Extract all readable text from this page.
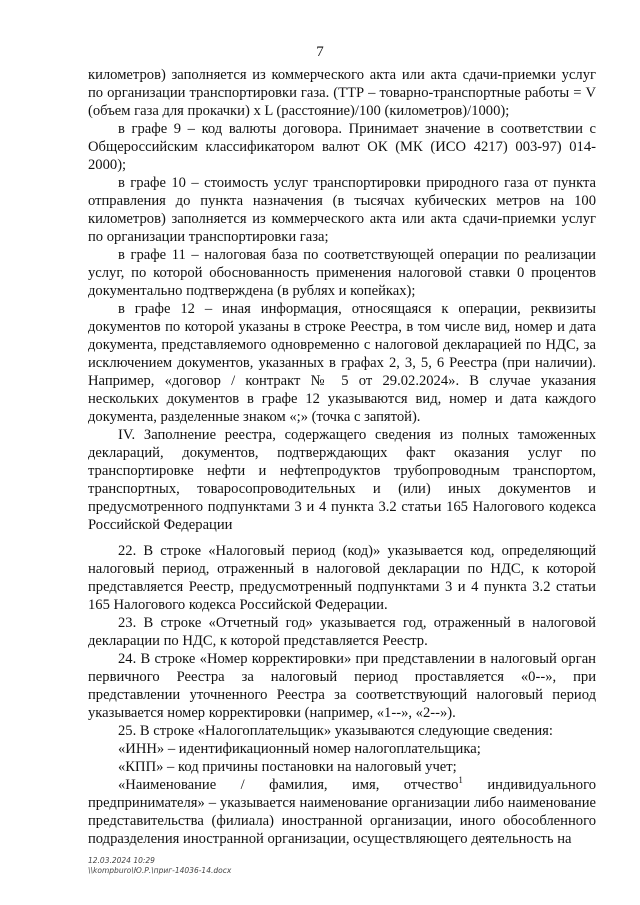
7

километров) заполняется из коммерческого акта или акта сдачи-приемки услуг по организации транспортировки газа. (ТТР – товарно-транспортные работы = V (объем газа для прокачки) х L (расстояние)/100 (километров)/1000);

в графе 9 – код валюты договора. Принимает значение в соответствии с Общероссийским классификатором валют ОК (МК (ИСО 4217) 003-97) 014-2000);

в графе 10 – стоимость услуг транспортировки природного газа от пункта отправления до пункта назначения (в тысячах кубических метров на 100 километров) заполняется из коммерческого акта или акта сдачи-приемки услуг по организации транспортировки газа;

в графе 11 – налоговая база по соответствующей операции по реализации услуг, по которой обоснованность применения налоговой ставки 0 процентов документально подтверждена (в рублях и копейках);

в графе 12 – иная информация, относящаяся к операции, реквизиты документов по которой указаны в строке Реестра, в том числе вид, номер и дата документа, представляемого одновременно с налоговой декларацией по НДС, за исключением документов, указанных в графах 2, 3, 5, 6 Реестра (при наличии). Например, «договор / контракт № 5 от 29.02.2024». В случае указания нескольких документов в графе 12 указываются вид, номер и дата каждого документа, разделенные знаком «;» (точка с запятой).

IV. Заполнение реестра, содержащего сведения из полных таможенных деклараций, документов, подтверждающих факт оказания услуг по транспортировке нефти и нефтепродуктов трубопроводным транспортом, транспортных, товаросопроводительных и (или) иных документов и предусмотренного подпунктами 3 и 4 пункта 3.2 статьи 165 Налогового кодекса Российской Федерации

22. В строке «Налоговый период (код)» указывается код, определяющий налоговый период, отраженный в налоговой декларации по НДС, к которой представляется Реестр, предусмотренный подпунктами 3 и 4 пункта 3.2 статьи 165 Налогового кодекса Российской Федерации.

23. В строке «Отчетный год» указывается год, отраженный в налоговой декларации по НДС, к которой представляется Реестр.

24. В строке «Номер корректировки» при представлении в налоговый орган первичного Реестра за налоговый период проставляется «0--», при представлении уточненного Реестра за соответствующий налоговый период указывается номер корректировки (например, «1--», «2--»).

25. В строке «Налогоплательщик» указываются следующие сведения:

«ИНН» – идентификационный номер налогоплательщика;

«КПП» – код причины постановки на налоговый учет;

«Наименование / фамилия, имя, отчество$^1$ индивидуального предпринимателя» – указывается наименование организации либо наименование представительства (филиала) иностранной организации, иного обособленного подразделения иностранной организации, осуществляющего деятельность на

12.03.2024 10:29
\\kompburo\Ю.Р.\приг-14036-14.docx
